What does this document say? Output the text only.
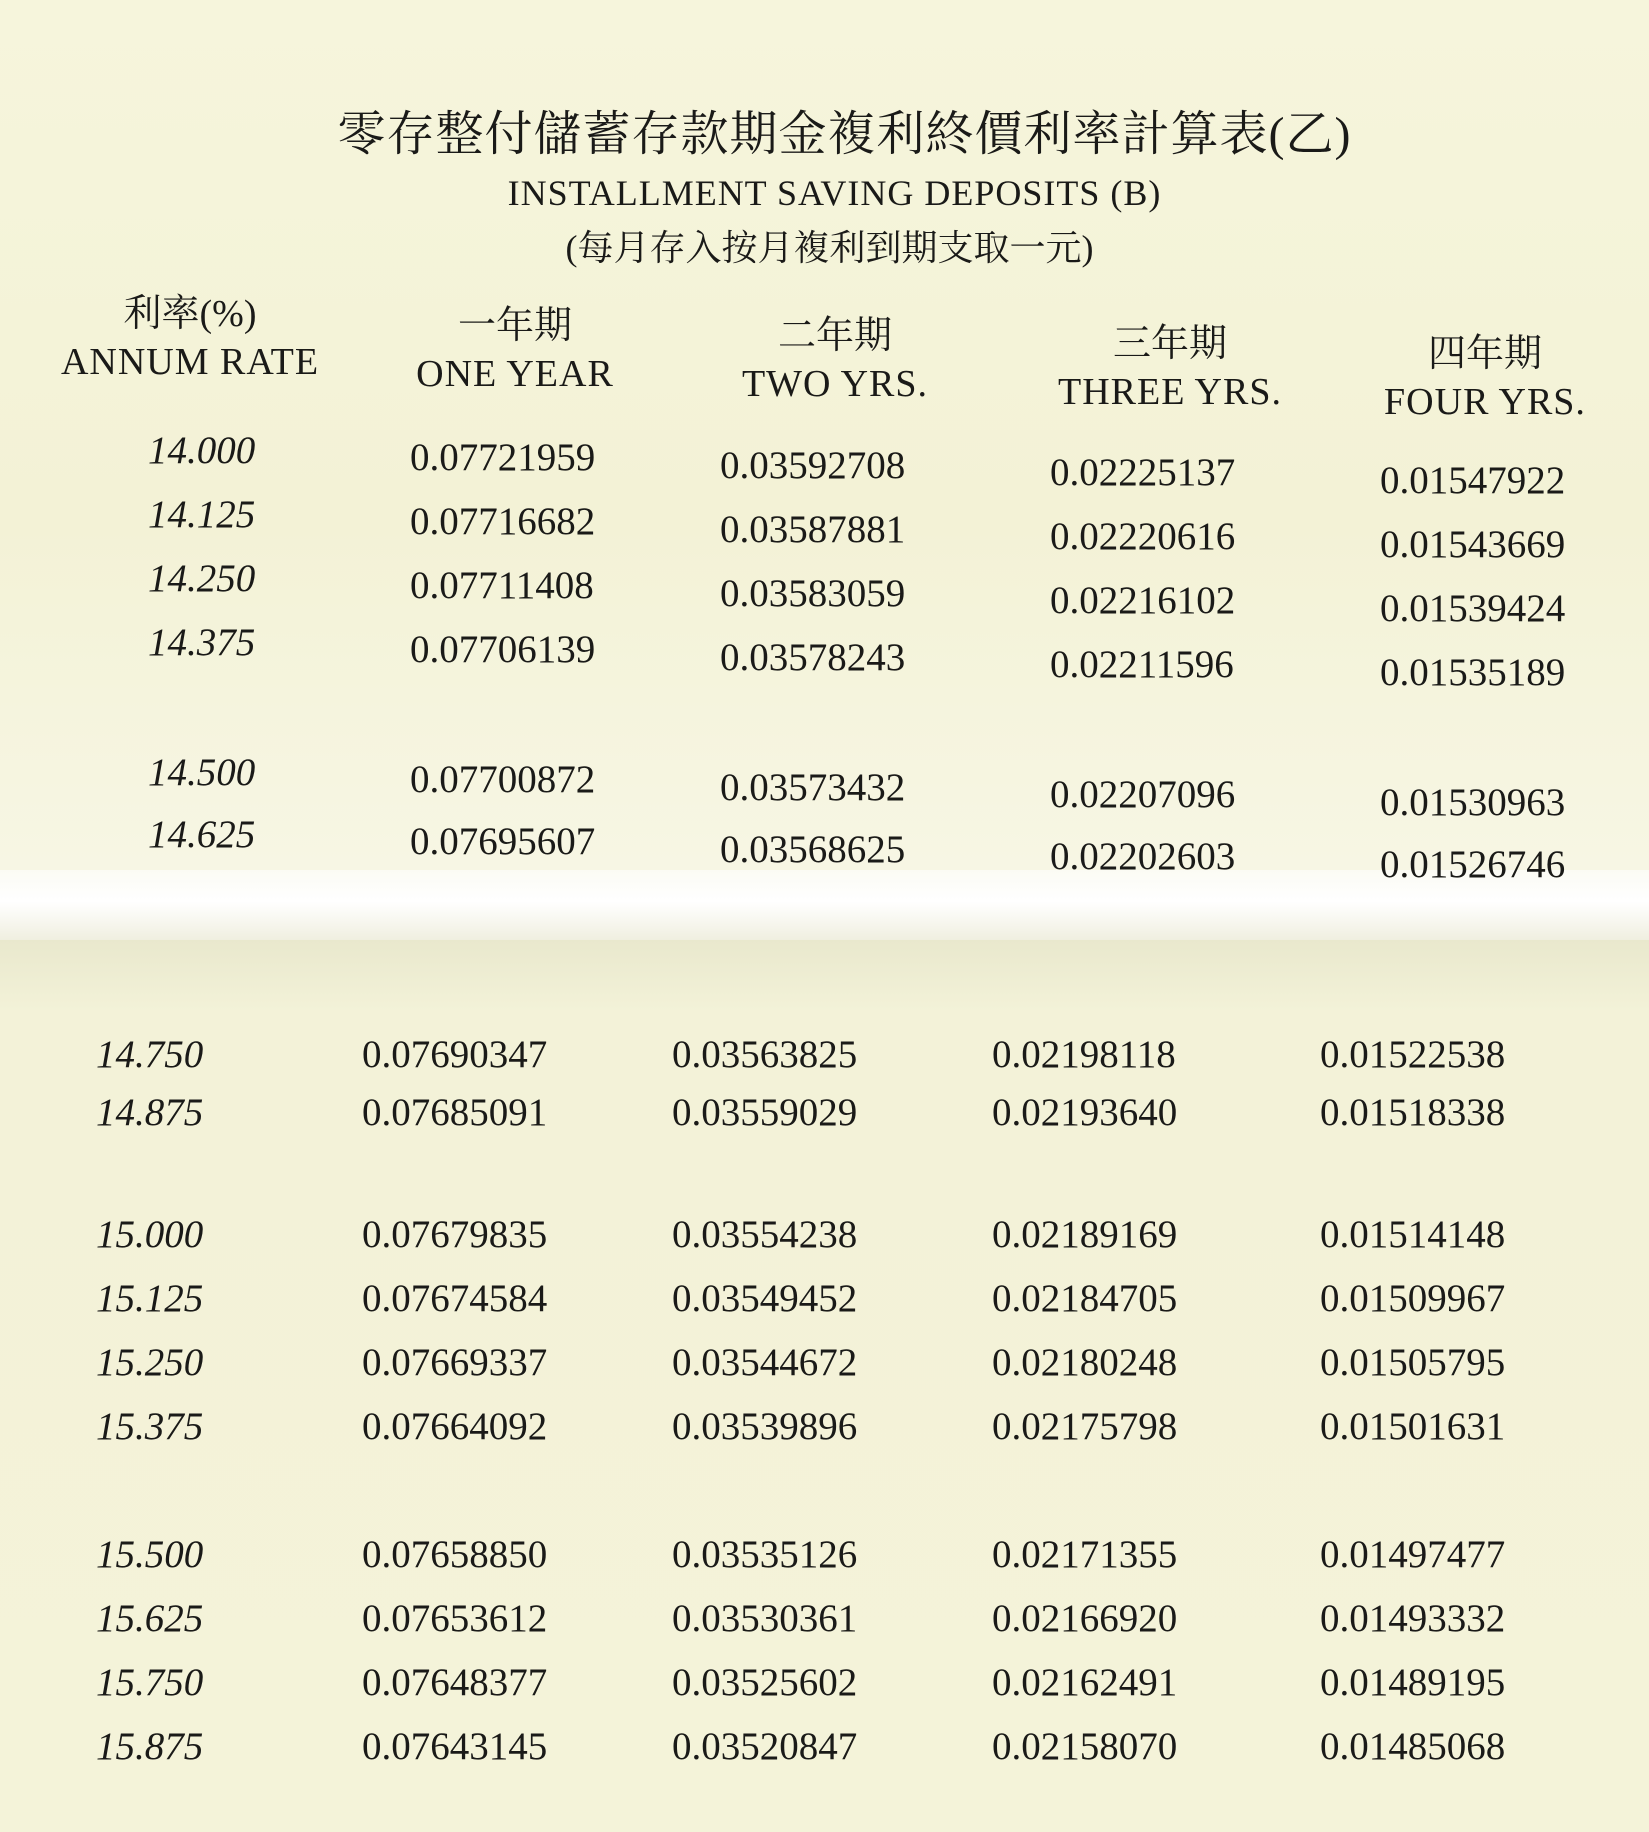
零存整付儲蓄存款期金複利終價利率計算表(乙)
INSTALLMENT SAVING DEPOSITS (B)
(每月存入按月複利到期支取一元)
利率(%)
ANNUM RATE
一年期
ONE YEAR
二年期
TWO YRS.
三年期
THREE YRS.
四年期
FOUR YRS.
14.000	0.07721959	0.03592708	0.02225137	0.01547922
14.125	0.07716682	0.03587881	0.02220616	0.01543669
14.250	0.07711408	0.03583059	0.02216102	0.01539424
14.375	0.07706139	0.03578243	0.02211596	0.01535189
14.500	0.07700872	0.03573432	0.02207096	0.01530963
14.625	0.07695607	0.03568625	0.02202603	0.01526746
14.750	0.07690347	0.03563825	0.02198118	0.01522538
14.875	0.07685091	0.03559029	0.02193640	0.01518338
15.000	0.07679835	0.03554238	0.02189169	0.01514148
15.125	0.07674584	0.03549452	0.02184705	0.01509967
15.250	0.07669337	0.03544672	0.02180248	0.01505795
15.375	0.07664092	0.03539896	0.02175798	0.01501631
15.500	0.07658850	0.03535126	0.02171355	0.01497477
15.625	0.07653612	0.03530361	0.02166920	0.01493332
15.750	0.07648377	0.03525602	0.02162491	0.01489195
15.875	0.07643145	0.03520847	0.02158070	0.01485068
